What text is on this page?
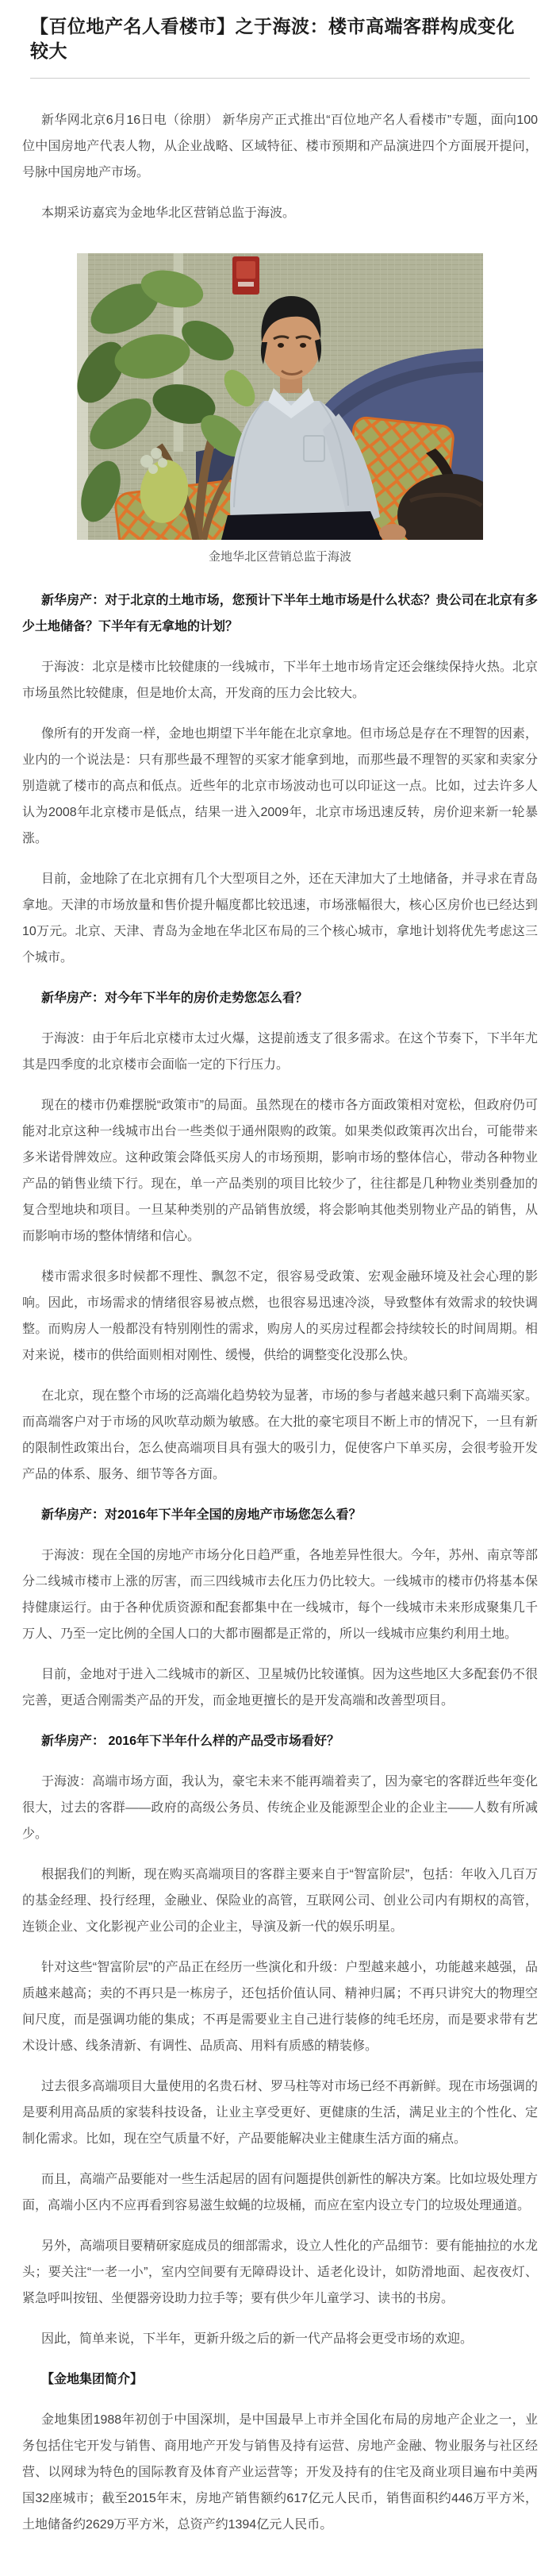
【百位地产名人看楼市】之于海波：楼市高端客群构成变化较大

新华网北京6月16日电（徐朋） 新华房产正式推出“百位地产名人看楼市”专题，面向100位中国房地产代表人物，从企业战略、区域特征、楼市预期和产品演进四个方面展开提问，号脉中国房地产市场。

本期采访嘉宾为金地华北区营销总监于海波。

金地华北区营销总监于海波

新华房产：对于北京的土地市场，您预计下半年土地市场是什么状态？贵公司在北京有多少土地储备？下半年有无拿地的计划？

于海波：北京是楼市比较健康的一线城市，下半年土地市场肯定还会继续保持火热。北京市场虽然比较健康，但是地价太高，开发商的压力会比较大。

像所有的开发商一样，金地也期望下半年能在北京拿地。但市场总是存在不理智的因素，业内的一个说法是：只有那些最不理智的买家才能拿到地，而那些最不理智的买家和卖家分别造就了楼市的高点和低点。近些年的北京市场波动也可以印证这一点。比如，过去许多人认为2008年北京楼市是低点，结果一进入2009年，北京市场迅速反转，房价迎来新一轮暴涨。

目前，金地除了在北京拥有几个大型项目之外，还在天津加大了土地储备，并寻求在青岛拿地。天津的市场放量和售价提升幅度都比较迅速，市场涨幅很大，核心区房价也已经达到10万元。北京、天津、青岛为金地在华北区布局的三个核心城市，拿地计划将优先考虑这三个城市。

新华房产：对今年下半年的房价走势您怎么看？

于海波：由于年后北京楼市太过火爆，这提前透支了很多需求。在这个节奏下，下半年尤其是四季度的北京楼市会面临一定的下行压力。

现在的楼市仍难摆脱“政策市”的局面。虽然现在的楼市各方面政策相对宽松，但政府仍可能对北京这种一线城市出台一些类似于通州限购的政策。如果类似政策再次出台，可能带来多米诺骨牌效应。这种政策会降低买房人的市场预期，影响市场的整体信心，带动各种物业产品的销售业绩下行。现在，单一产品类别的项目比较少了，往往都是几种物业类别叠加的复合型地块和项目。一旦某种类别的产品销售放缓，将会影响其他类别物业产品的销售，从而影响市场的整体情绪和信心。

楼市需求很多时候都不理性、飘忽不定，很容易受政策、宏观金融环境及社会心理的影响。因此，市场需求的情绪很容易被点燃，也很容易迅速冷淡，导致整体有效需求的较快调整。而购房人一般都没有特别刚性的需求，购房人的买房过程都会持续较长的时间周期。相对来说，楼市的供给面则相对刚性、缓慢，供给的调整变化没那么快。

在北京，现在整个市场的泛高端化趋势较为显著，市场的参与者越来越只剩下高端买家。而高端客户对于市场的风吹草动颇为敏感。在大批的豪宅项目不断上市的情况下，一旦有新的限制性政策出台，怎么使高端项目具有强大的吸引力，促使客户下单买房，会很考验开发产品的体系、服务、细节等各方面。

新华房产：对2016年下半年全国的房地产市场您怎么看？

于海波：现在全国的房地产市场分化日趋严重，各地差异性很大。今年，苏州、南京等部分二线城市楼市上涨的厉害，而三四线城市去化压力仍比较大。一线城市的楼市仍将基本保持健康运行。由于各种优质资源和配套都集中在一线城市，每个一线城市未来形成聚集几千万人、乃至一定比例的全国人口的大都市圈都是正常的，所以一线城市应集约利用土地。

目前，金地对于进入二线城市的新区、卫星城仍比较谨慎。因为这些地区大多配套仍不很完善，更适合刚需类产品的开发，而金地更擅长的是开发高端和改善型项目。

新华房产： 2016年下半年什么样的产品受市场看好？

于海波：高端市场方面，我认为，豪宅未来不能再端着卖了，因为豪宅的客群近些年变化很大，过去的客群——政府的高级公务员、传统企业及能源型企业的企业主——人数有所减少。

根据我们的判断，现在购买高端项目的客群主要来自于“智富阶层”，包括：年收入几百万的基金经理、投行经理，金融业、保险业的高管，互联网公司、创业公司内有期权的高管，连锁企业、文化影视产业公司的企业主，导演及新一代的娱乐明星。

针对这些“智富阶层”的产品正在经历一些演化和升级：户型越来越小，功能越来越强，品质越来越高；卖的不再只是一栋房子，还包括价值认同、精神归属；不再只讲究大的物理空间尺度，而是强调功能的集成；不再是需要业主自己进行装修的纯毛坯房，而是要求带有艺术设计感、线条清新、有调性、品质高、用料有质感的精装修。

过去很多高端项目大量使用的名贵石材、罗马柱等对市场已经不再新鲜。现在市场强调的是要利用高品质的家装科技设备，让业主享受更好、更健康的生活，满足业主的个性化、定制化需求。比如，现在空气质量不好，产品要能解决业主健康生活方面的痛点。

而且，高端产品要能对一些生活起居的固有问题提供创新性的解决方案。比如垃圾处理方面，高端小区内不应再看到容易滋生蚊蝇的垃圾桶，而应在室内设立专门的垃圾处理通道。

另外，高端项目要精研家庭成员的细部需求，设立人性化的产品细节：要有能抽拉的水龙头；要关注“一老一小”，室内空间要有无障碍设计、适老化设计，如防滑地面、起夜夜灯、紧急呼叫按钮、坐便器旁设助力拉手等；要有供少年儿童学习、读书的书房。

因此，简单来说，下半年，更新升级之后的新一代产品将会更受市场的欢迎。

【金地集团简介】

金地集团1988年初创于中国深圳，是中国最早上市并全国化布局的房地产企业之一，业务包括住宅开发与销售、商用地产开发与销售及持有运营、房地产金融、物业服务与社区经营、以网球为特色的国际教育及体育产业运营等；开发及持有的住宅及商业项目遍布中美两国32座城市；截至2015年末，房地产销售额约617亿元人民币，销售面积约446万平方米，土地储备约2629万平方米，总资产约1394亿元人民币。
